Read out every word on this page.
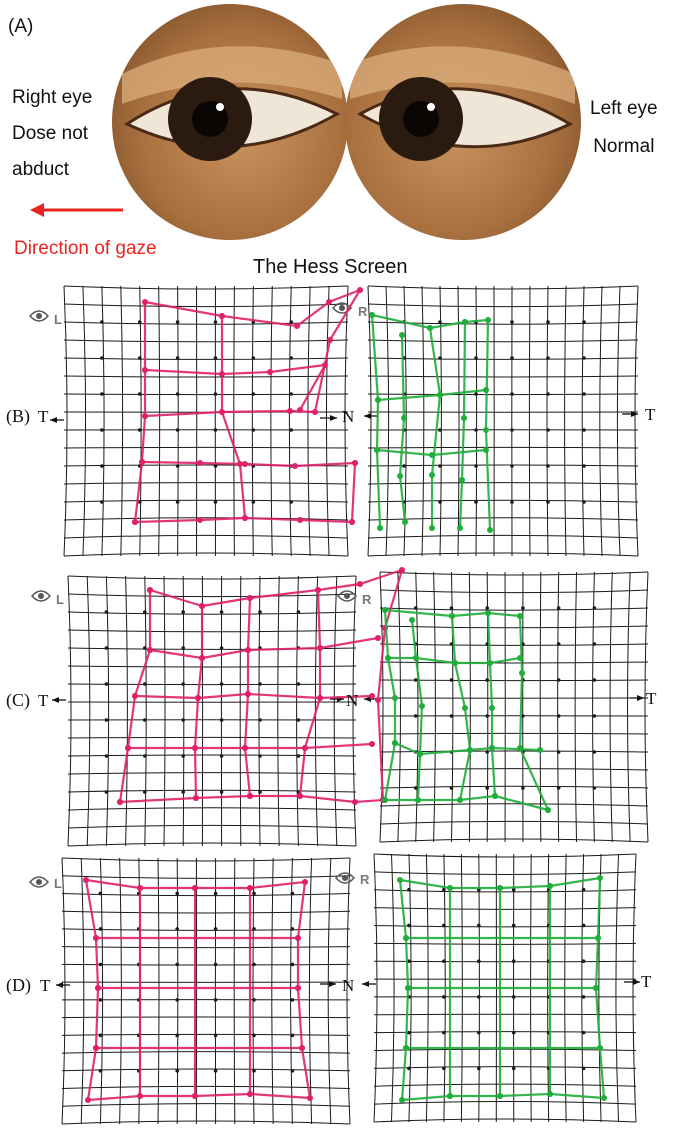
(A)
Right eye
Dose not
abduct
Left eye
Normal
Direction of gaze
The Hess Screen
(B) T	N	T
L
R
(C) T	N	T
L	R
(D) T	N	T
L	R
